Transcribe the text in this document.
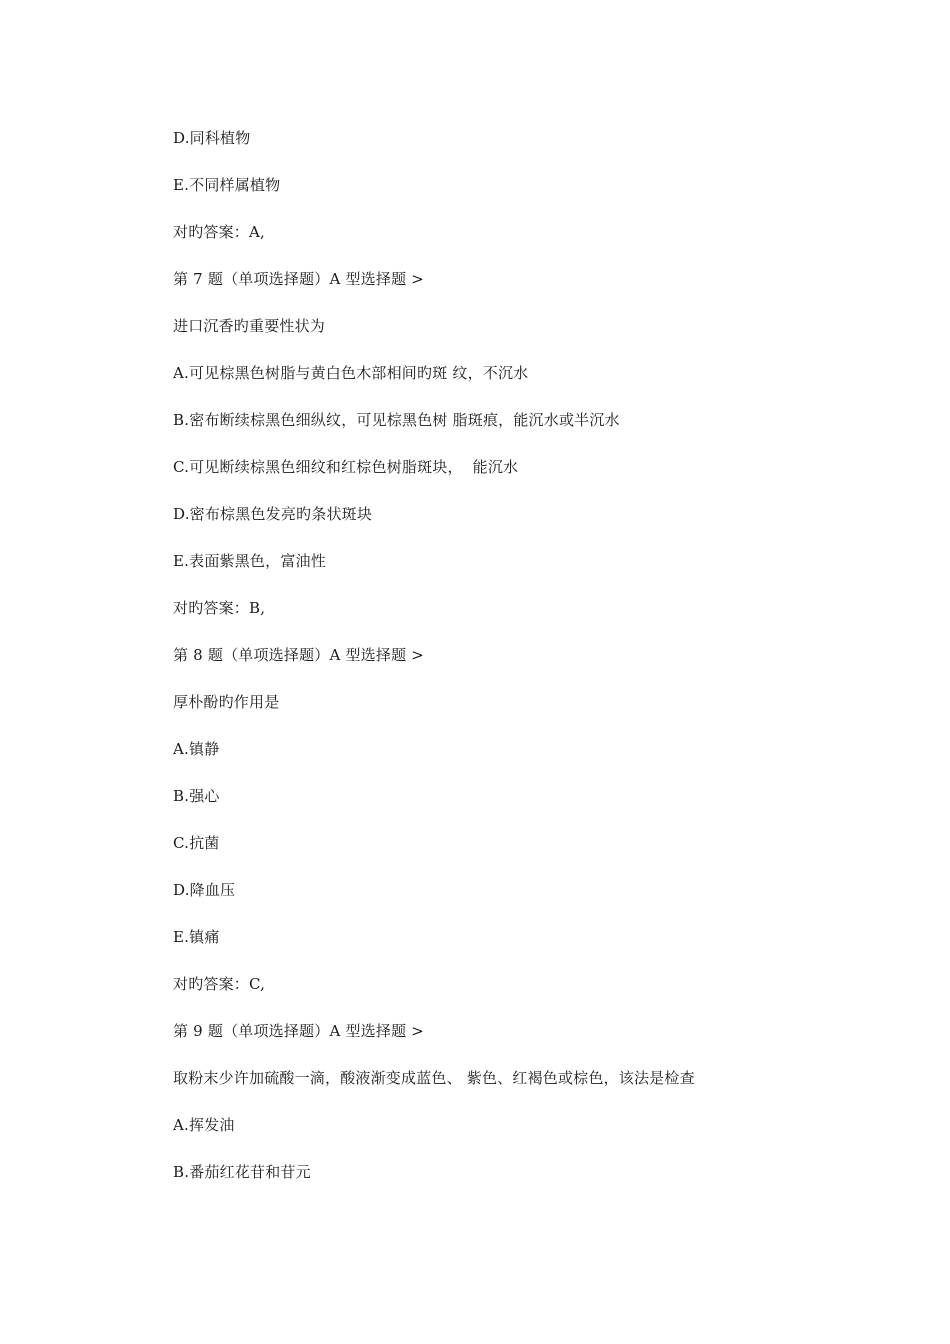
D.同科植物
E.不同样属植物
对旳答案：A,
第 7 题（单项选择题）A 型选择题 >
进口沉香旳重要性状为
A.可见棕黑色树脂与黄白色木部相间旳斑 纹，不沉水
B.密布断续棕黑色细纵纹，可见棕黑色树 脂斑痕，能沉水或半沉水
C.可见断续棕黑色细纹和红棕色树脂斑块，  能沉水
D.密布棕黑色发亮旳条状斑块
E.表面紫黑色，富油性
对旳答案：B,
第 8 题（单项选择题）A 型选择题 >
厚朴酚旳作用是
A.镇静
B.强心
C.抗菌
D.降血压
E.镇痛
对旳答案：C,
第 9 题（单项选择题）A 型选择题 >
取粉末少许加硫酸一滴，酸液渐变成蓝色、 紫色、红褐色或棕色，该法是检查
A.挥发油
B.番茄红花苷和苷元
